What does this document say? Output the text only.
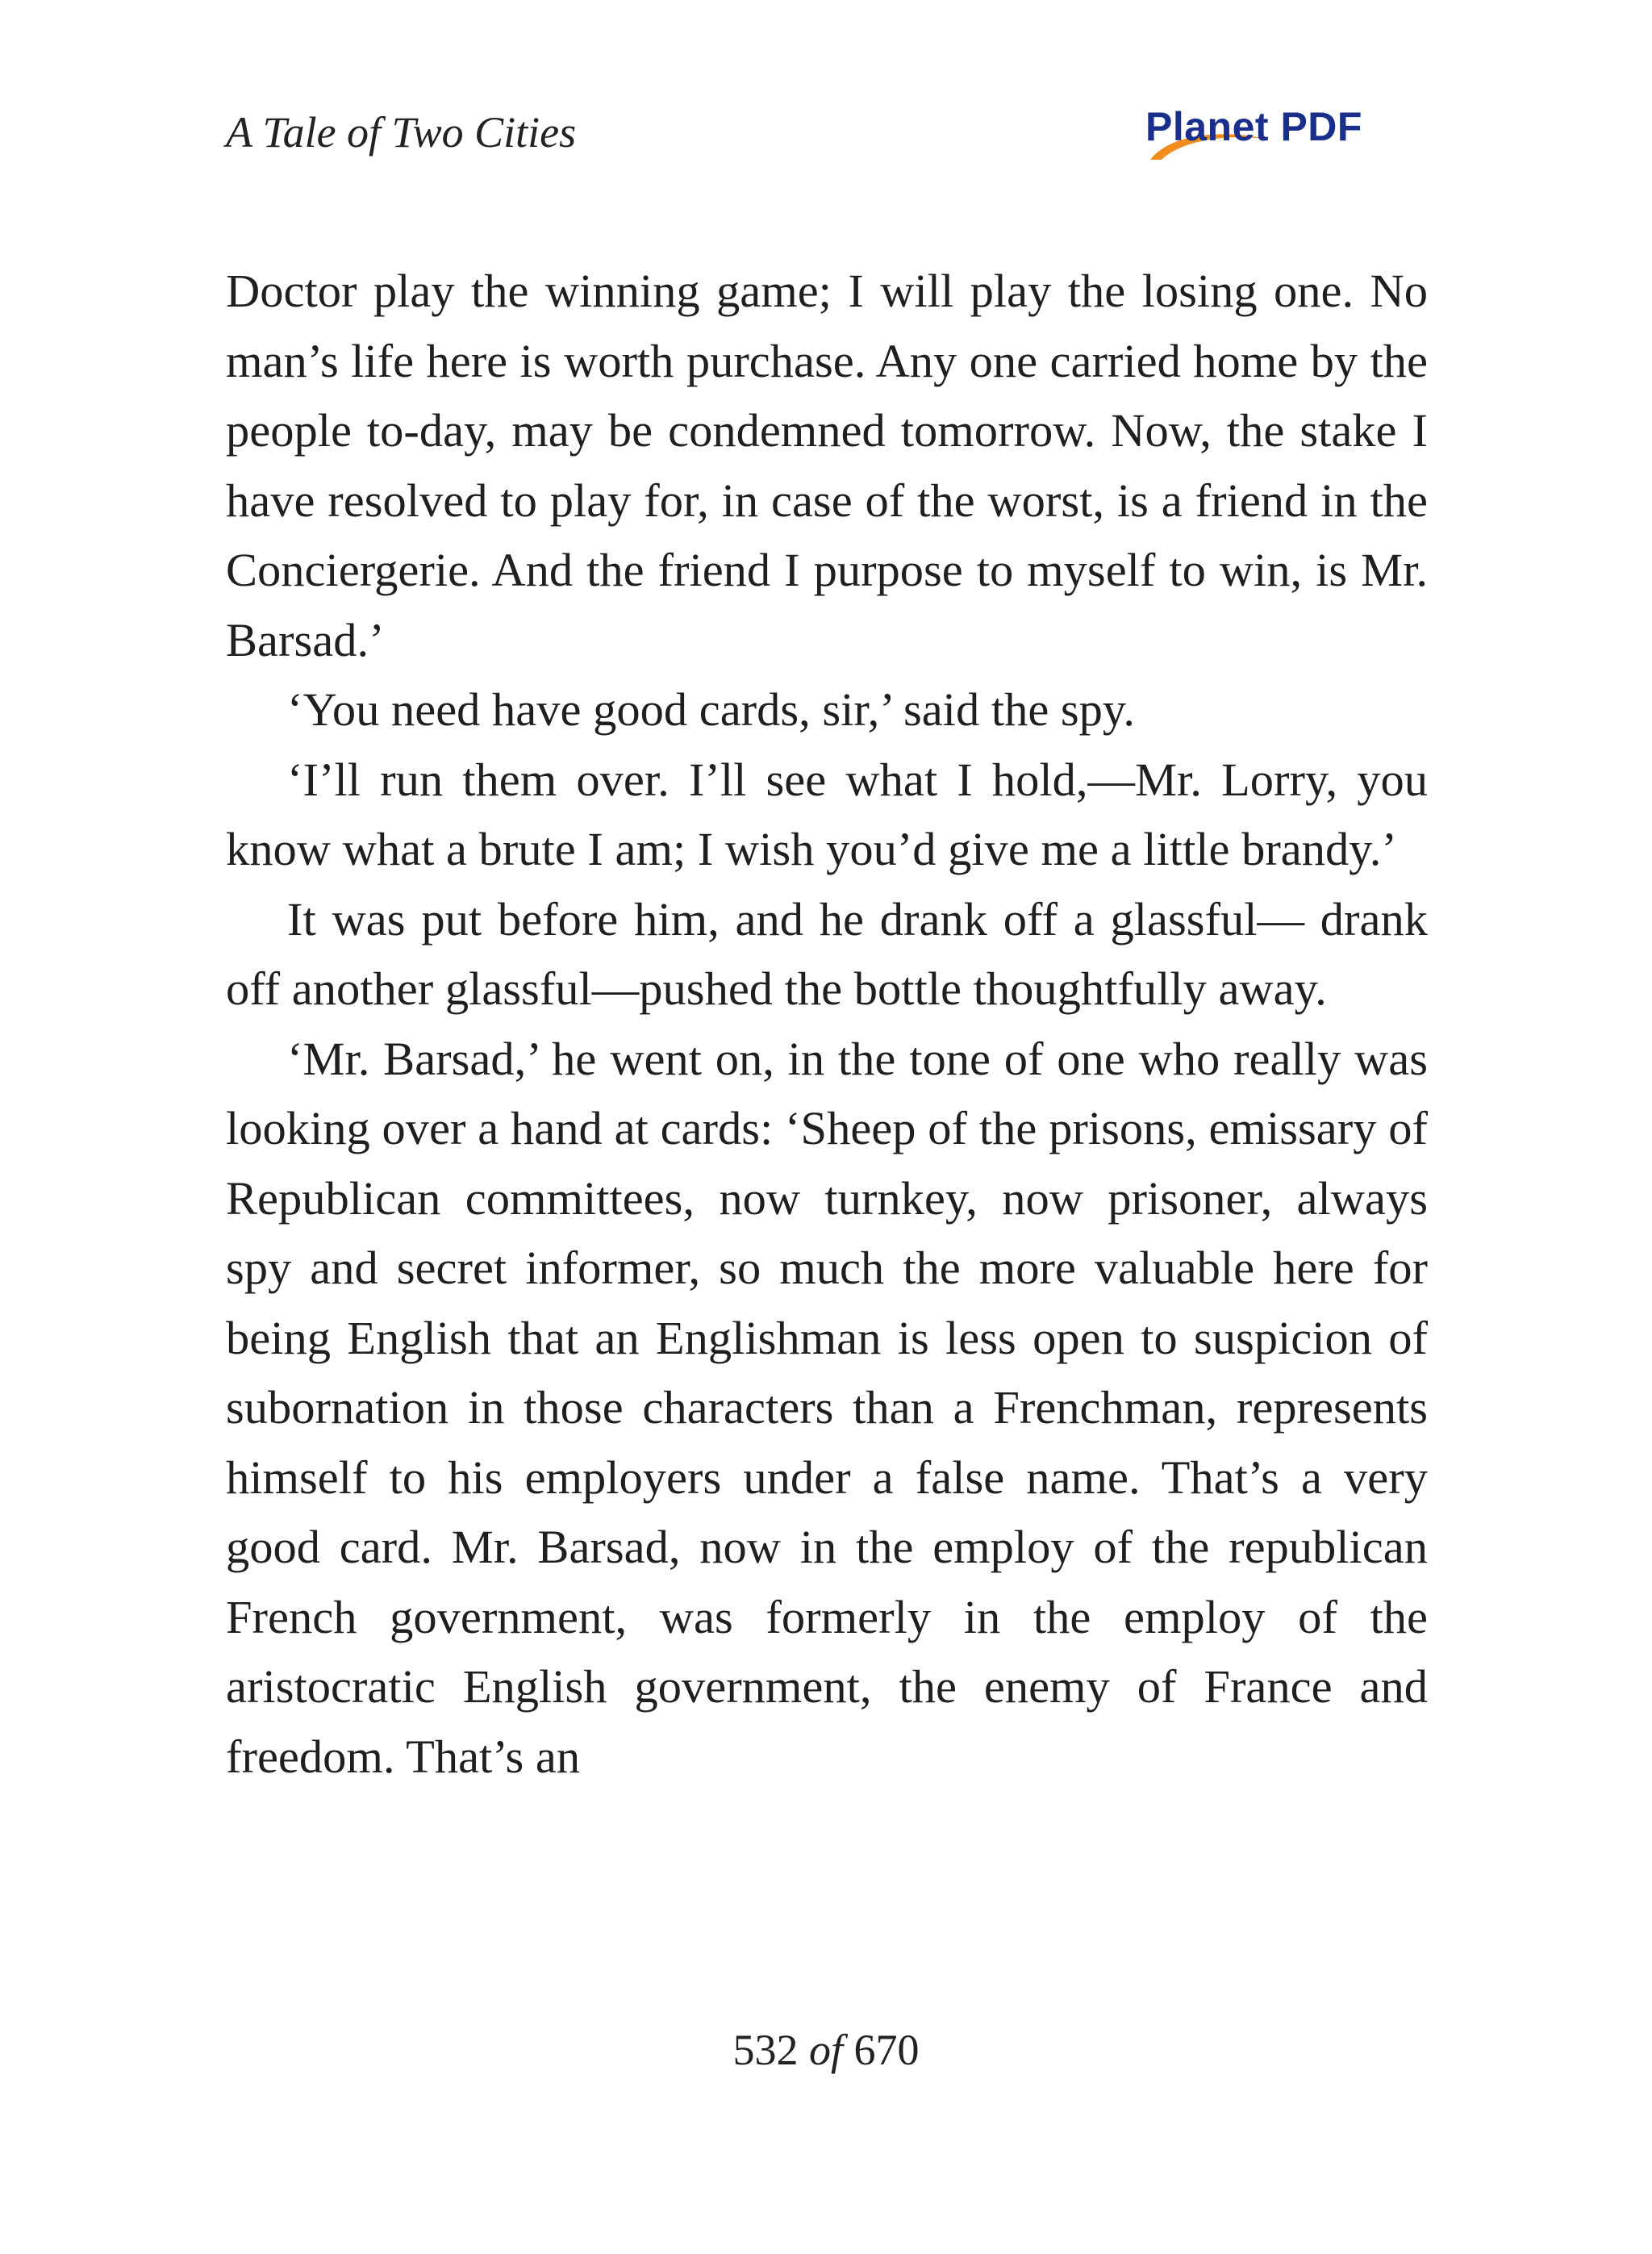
A Tale of Two Cities	Planet PDF

Doctor play the winning game; I will play the losing one. No man’s life here is worth purchase. Any one carried home by the people to-day, may be condemned tomorrow. Now, the stake I have resolved to play for, in case of the worst, is a friend in the Conciergerie. And the friend I purpose to myself to win, is Mr. Barsad.’

‘You need have good cards, sir,’ said the spy.

‘I’ll run them over. I’ll see what I hold,—Mr. Lorry, you know what a brute I am; I wish you’d give me a little brandy.’

It was put before him, and he drank off a glassful— drank off another glassful—pushed the bottle thoughtfully away.

‘Mr. Barsad,’ he went on, in the tone of one who really was looking over a hand at cards: ‘Sheep of the prisons, emissary of Republican committees, now turnkey, now prisoner, always spy and secret informer, so much the more valuable here for being English that an Englishman is less open to suspicion of subornation in those characters than a Frenchman, represents himself to his employers under a false name. That’s a very good card. Mr. Barsad, now in the employ of the republican French government, was formerly in the employ of the aristocratic English government, the enemy of France and freedom. That’s an

532 of 670
